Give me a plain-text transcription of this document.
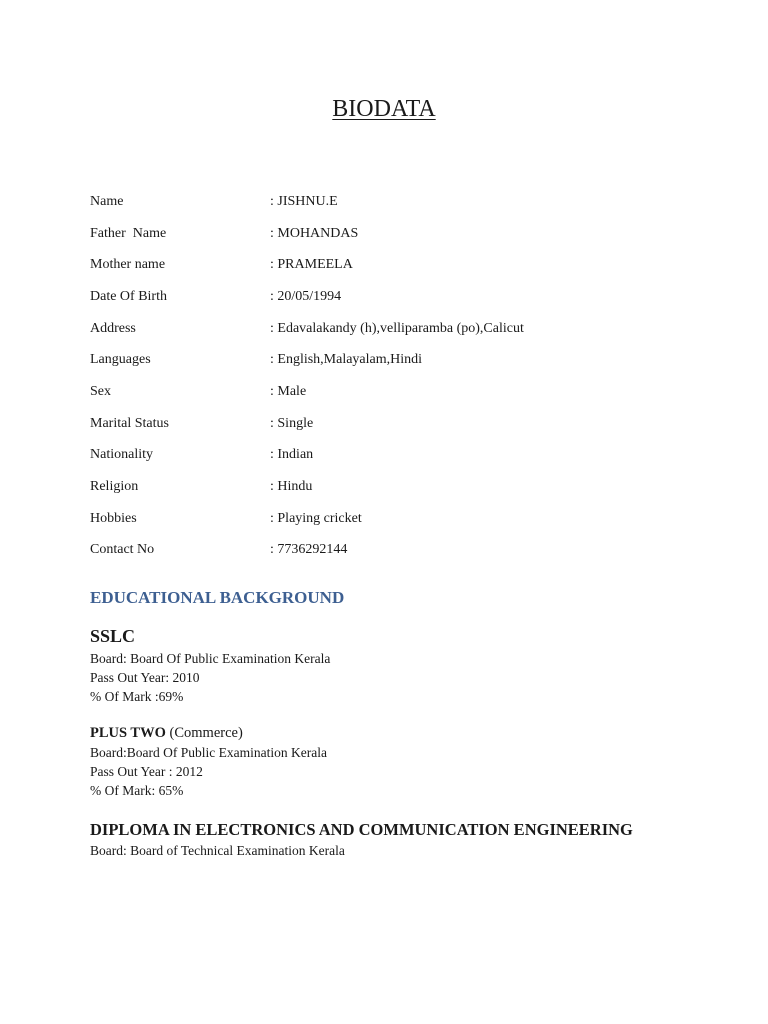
BIODATA
Name	: JISHNU.E
Father  Name	: MOHANDAS
Mother name	: PRAMEELA
Date Of Birth	: 20/05/1994
Address	: Edavalakandy (h),velliparamba (po),Calicut
Languages	: English,Malayalam,Hindi
Sex	: Male
Marital Status	: Single
Nationality	: Indian
Religion	: Hindu
Hobbies	: Playing cricket
Contact No	: 7736292144
EDUCATIONAL BACKGROUND
SSLC
Board: Board Of Public Examination Kerala
Pass Out Year: 2010
% Of Mark :69%
PLUS TWO (Commerce)
Board:Board Of Public Examination Kerala
Pass Out Year : 2012
% Of Mark: 65%
DIPLOMA IN ELECTRONICS AND COMMUNICATION ENGINEERING
Board: Board of Technical Examination Kerala
